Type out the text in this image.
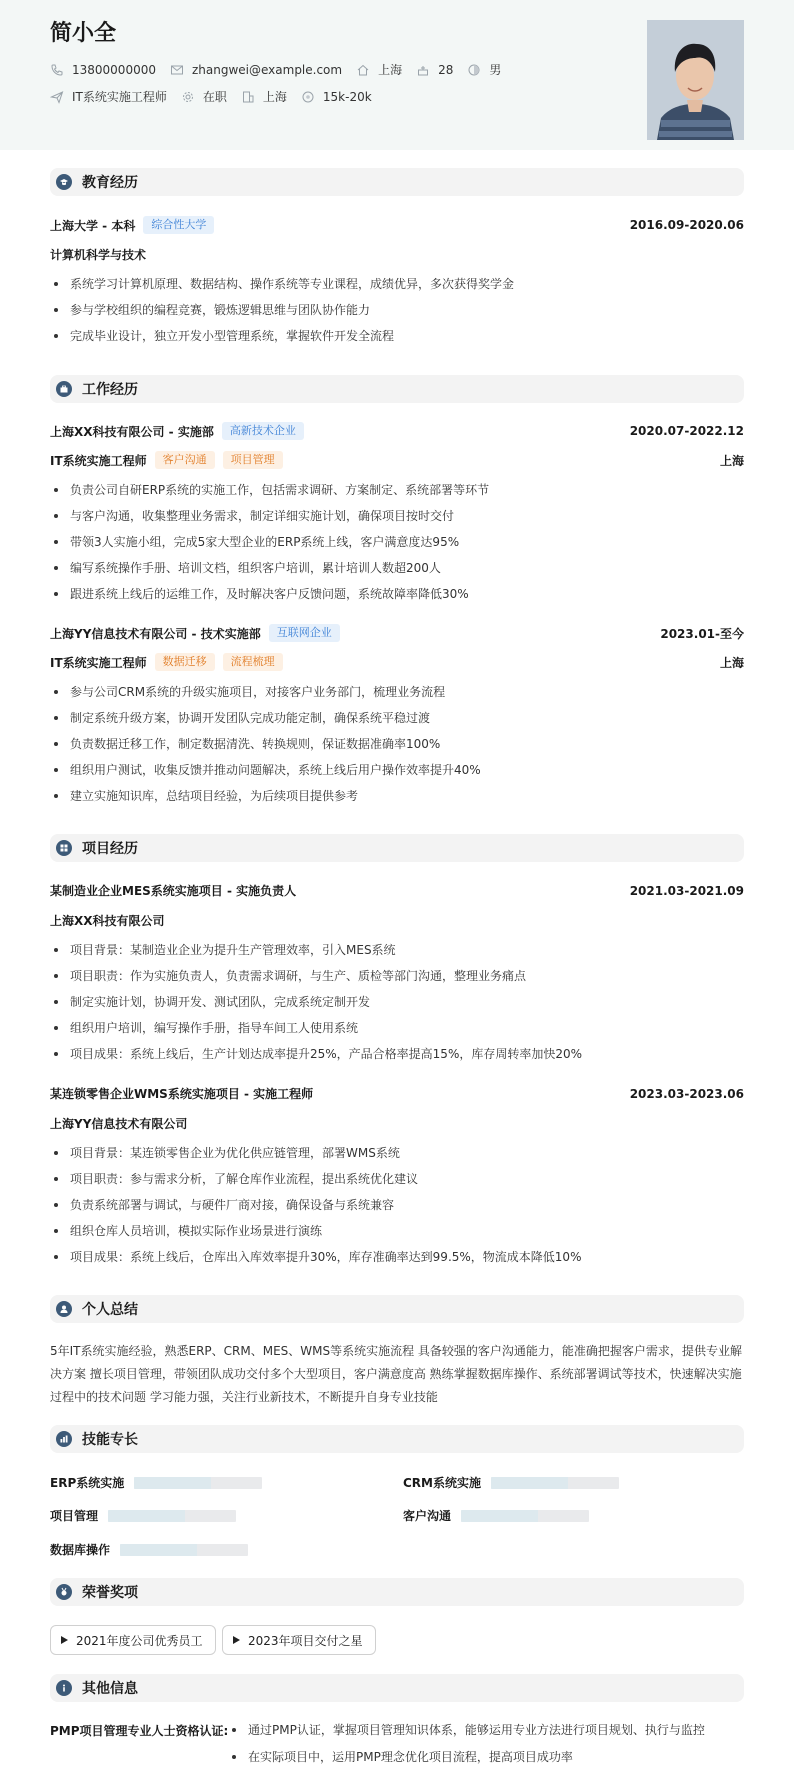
简小全
13800000000	zhangwei@example.com	上海	28	男
IT系统实施工程师	在职	上海	15k-20k
教育经历
上海大学 - 本科	综合性大学	2016.09-2020.06
计算机科学与技术
系统学习计算机原理、数据结构、操作系统等专业课程，成绩优异，多次获得奖学金
参与学校组织的编程竞赛，锻炼逻辑思维与团队协作能力
完成毕业设计，独立开发小型管理系统，掌握软件开发全流程
工作经历
上海XX科技有限公司 - 实施部	高新技术企业	2020.07-2022.12
IT系统实施工程师	客户沟通	项目管理	上海
负责公司自研ERP系统的实施工作，包括需求调研、方案制定、系统部署等环节
与客户沟通，收集整理业务需求，制定详细实施计划，确保项目按时交付
带领3人实施小组，完成5家大型企业的ERP系统上线，客户满意度达95%
编写系统操作手册、培训文档，组织客户培训，累计培训人数超200人
跟进系统上线后的运维工作，及时解决客户反馈问题，系统故障率降低30%
上海YY信息技术有限公司 - 技术实施部	互联网企业	2023.01-至今
IT系统实施工程师	数据迁移	流程梳理	上海
参与公司CRM系统的升级实施项目，对接客户业务部门，梳理业务流程
制定系统升级方案，协调开发团队完成功能定制，确保系统平稳过渡
负责数据迁移工作，制定数据清洗、转换规则，保证数据准确率100%
组织用户测试，收集反馈并推动问题解决，系统上线后用户操作效率提升40%
建立实施知识库，总结项目经验，为后续项目提供参考
项目经历
某制造业企业MES系统实施项目 - 实施负责人	2021.03-2021.09
上海XX科技有限公司
项目背景：某制造业企业为提升生产管理效率，引入MES系统
项目职责：作为实施负责人，负责需求调研，与生产、质检等部门沟通，整理业务痛点
制定实施计划，协调开发、测试团队，完成系统定制开发
组织用户培训，编写操作手册，指导车间工人使用系统
项目成果：系统上线后，生产计划达成率提升25%，产品合格率提高15%，库存周转率加快20%
某连锁零售企业WMS系统实施项目 - 实施工程师	2023.03-2023.06
上海YY信息技术有限公司
项目背景：某连锁零售企业为优化供应链管理，部署WMS系统
项目职责：参与需求分析，了解仓库作业流程，提出系统优化建议
负责系统部署与调试，与硬件厂商对接，确保设备与系统兼容
组织仓库人员培训，模拟实际作业场景进行演练
项目成果：系统上线后，仓库出入库效率提升30%，库存准确率达到99.5%，物流成本降低10%
个人总结
5年IT系统实施经验，熟悉ERP、CRM、MES、WMS等系统实施流程 具备较强的客户沟通能力，能准确把握客户需求，提供专业解
决方案 擅长项目管理，带领团队成功交付多个大型项目，客户满意度高 熟练掌握数据库操作、系统部署调试等技术，快速解决实施
过程中的技术问题 学习能力强，关注行业新技术，不断提升自身专业技能
技能专长
ERP系统实施	CRM系统实施
项目管理	客户沟通
数据库操作
荣誉奖项
2021年度公司优秀员工	2023年项目交付之星
其他信息
PMP项目管理专业人士资格认证:	通过PMP认证，掌握项目管理知识体系，能够运用专业方法进行项目规划、执行与监控
在实际项目中，运用PMP理念优化项目流程，提高项目成功率
